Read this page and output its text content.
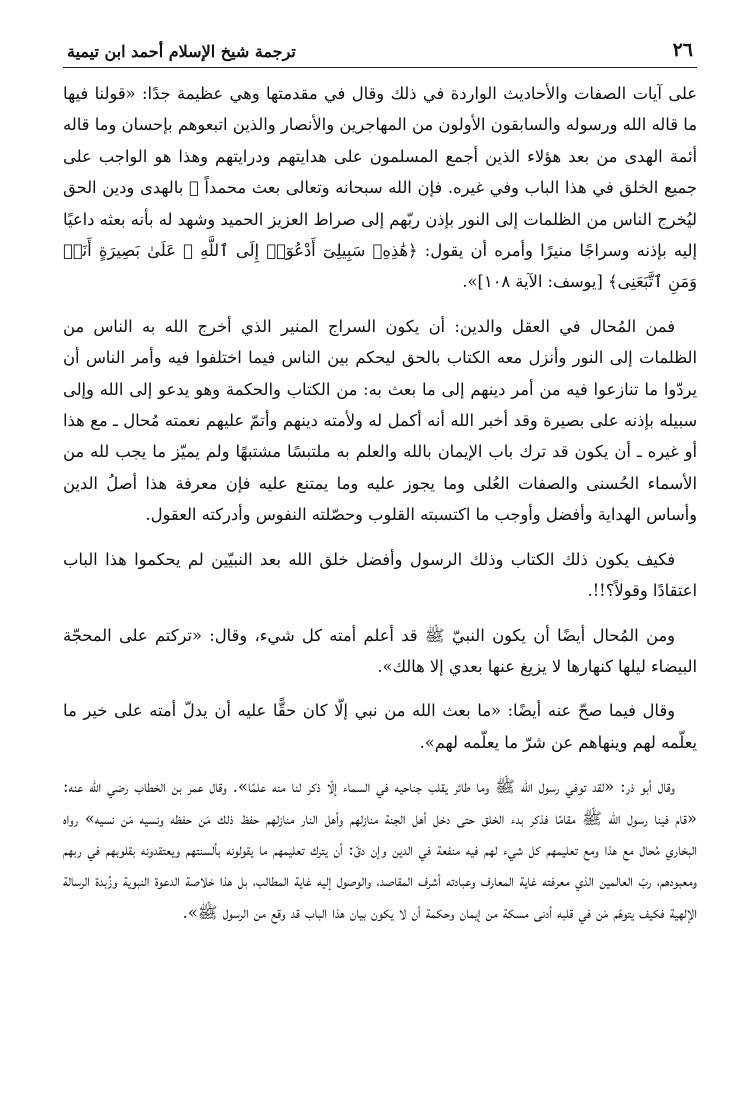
٢٦
ترجمة شيخ الإسلام أحمد ابن تيمية

على آيات الصفات والأحاديث الواردة في ذلك وقال في مقدمتها وهي عظيمة جدًا: «قولنا فيها ما قاله الله ورسوله والسابقون الأولون من المهاجرين والأنصار والذين اتبعوهم بإحسان وما قاله أئمة الهدى من بعد هؤلاء الذين أجمع المسلمون على هدايتهم ودرايتهم وهذا هو الواجب على جميع الخلق في هذا الباب وفي غيره. فإن الله سبحانه وتعالى بعث محمداً ﷺ بالهدى ودين الحق ليُخرج الناس من الظلمات إلى النور بإذن ربّهم إلى صراط العزيز الحميد وشهد له بأنه بعثه داعيًا إليه بإذنه وسراجًا منيرًا وأمره أن يقول: ﴿هَٰذِهِۦ سَبِيلِىٓ أَدْعُوٓا۟ إِلَى ٱللَّهِ ۚ عَلَىٰ بَصِيرَةٍ أَنَا۠ وَمَنِ ٱتَّبَعَنِى﴾ [يوسف: الآية ١٠٨]».

فمن المُحال في العقل والدين: أن يكون السراج المنير الذي أخرج الله به الناس من الظلمات إلى النور وأنزل معه الكتاب بالحق ليحكم بين الناس فيما اختلفوا فيه وأمر الناس أن يردّوا ما تنازعوا فيه من أمر دينهم إلى ما بعث به: من الكتاب والحكمة وهو يدعو إلى الله وإلى سبيله بإذنه على بصيرة وقد أخبر الله أنه أكمل له ولأمته دينهم وأتمّ عليهم نعمته مُحال ـ مع هذا أو غيره ـ أن يكون قد ترك باب الإيمان بالله والعلم به ملتبسًا مشتبهًا ولم يميّز ما يجب لله من الأسماء الحُسنى والصفات العُلى وما يجوز عليه وما يمتنع عليه فإن معرفة هذا أصلُ الدين وأساس الهداية وأفضل وأوجب ما اكتسبته القلوب وحصّلته النفوس وأدركته العقول.

فكيف يكون ذلك الكتاب وذلك الرسول وأفضل خلق الله بعد النبيّين لم يحكموا هذا الباب اعتقادًا وقولاً؟!!.

ومن المُحال أيضًا أن يكون النبيّ ﷺ قد أعلم أمته كل شيء، وقال: «تركتم على المحجّة البيضاء ليلها كنهارها لا يزيغ عنها بعدي إلا هالك».

وقال فيما صحّ عنه أيضًا: «ما بعث الله من نبي إلّا كان حقًّا عليه أن يدلّ أمته على خير ما يعلّمه لهم وينهاهم عن شرّ ما يعلّمه لهم».

وقال أبو ذر: «لقد توفي رسول الله ﷺ وما طائر يقلب جناحيه في السماء إلّا ذكر لنا منه علمًا». وقال عمر بن الخطاب رضي الله عنه: «قام فينا رسول الله ﷺ مقامًا فذكر بدء الخلق حتى دخل أهل الجنة منازلهم وأهل النار منازلهم حفظ ذلك مَن حفظه ونسيه مَن نسيه» رواه البخاري مُحال مع هذا ومع تعليمهم كل شيء لهم فيه منفعة في الدين وإن دقّ: أن يترك تعليمهم ما يقولونه بألسنتهم ويعتقدونه بقلوبهم في ربهم ومعبودهم، ربّ العالمين الذي معرفته غاية المعارف وعبادته أشرف المقاصد، والوصول إليه غاية المطالب، بل هذا خلاصة الدعوة النبوية وزُبدة الرسالة الإلهية فكيف يتوهّم مَن في قلبه أدنى مسكة من إيمان وحكمة أن لا يكون بيان هذا الباب قد وقع من الرسول ﷺ».
